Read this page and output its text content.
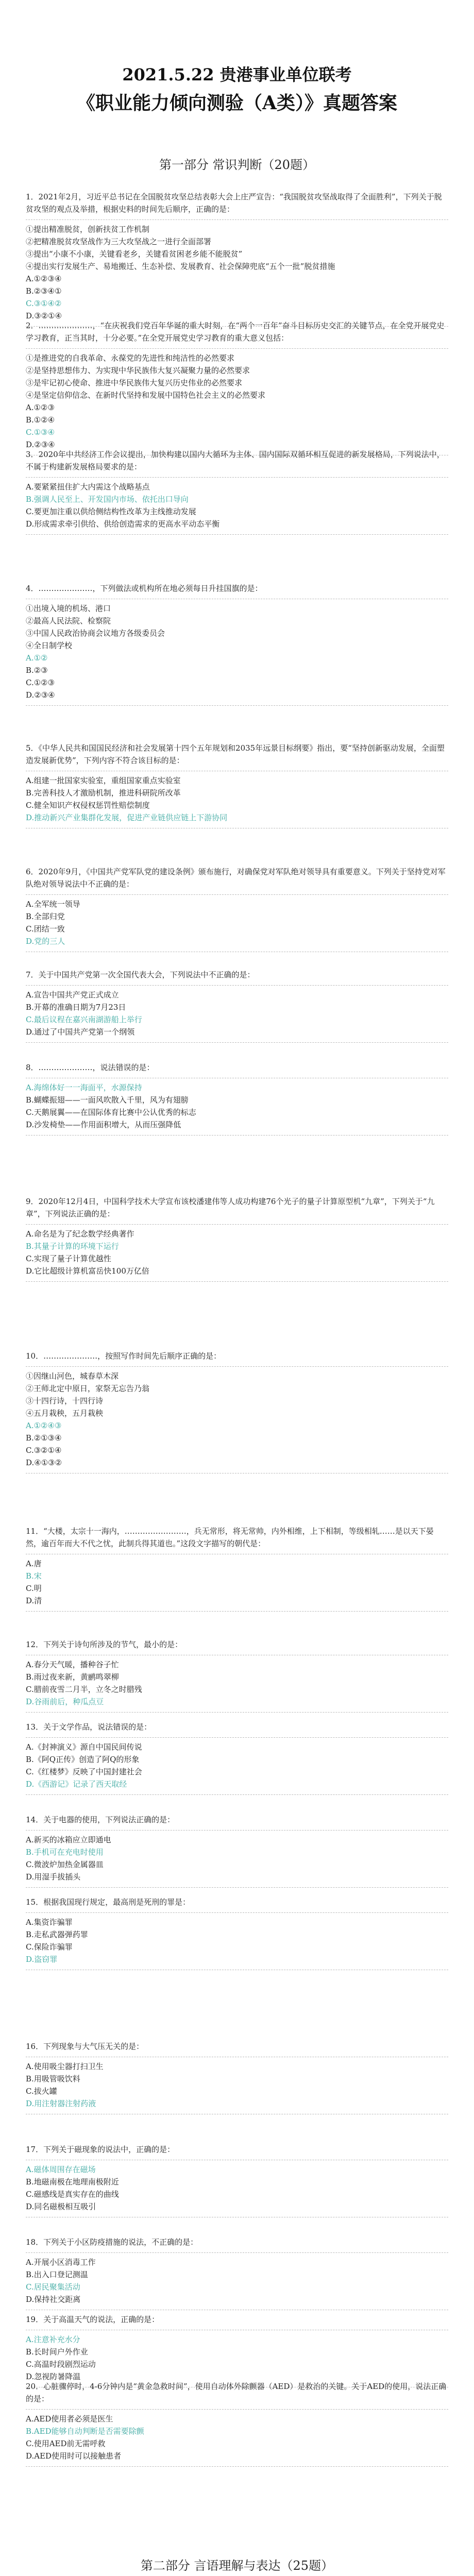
2021.5.22 贵港事业单位联考
《职业能力倾向测验（A类）》真题答案
第一部分 常识判断（20题）

1．2021年2月，习近平总书记在全国脱贫攻坚总结表彰大会上庄严宣告：“我国脱贫攻坚战取得了全面胜利”，下列关于脱贫攻坚的观点及举措，根据史料的时间先后顺序，正确的是：

①提出精准脱贫，创新扶贫工作机制

②把精准脱贫攻坚战作为三大攻坚战之一进行全面部署

③提出“小康不小康，关键看老乡，关键看贫困老乡能不能脱贫”

④提出实行发展生产、易地搬迁、生态补偿、发展教育、社会保障兜底“五个一批”脱贫措施

A.①②③④

B.②③④①

C.③①④②

D.③②①④

2．…………………，“在庆祝我们党百年华诞的重大时刻，在“两个一百年”奋斗目标历史交汇的关键节点，在全党开展党史学习教育，正当其时，十分必要。”在全党开展党史学习教育的重大意义包括：

①是推进党的自我革命、永葆党的先进性和纯洁性的必然要求

②是坚持思想伟力、为实现中华民族伟大复兴凝聚力量的必然要求

③是牢记初心使命、推进中华民族伟大复兴历史伟业的必然要求

④是坚定信仰信念、在新时代坚持和发展中国特色社会主义的必然要求

A.①②③

B.①②④

C.①③④

D.②③④

3．2020年中共经济工作会议提出，加快构建以国内大循环为主体、国内国际双循环相互促进的新发展格局，下列说法中，不属于构建新发展格局要求的是：

A.要紧紧扭住扩大内需这个战略基点

B.强调人民至上、开发国内市场、依托出口导向

C.要更加注重以供给侧结构性改革为主线推动发展

D.形成需求牵引供给、供给创造需求的更高水平动态平衡

4．…………………，下列做法或机构所在地必须每日升挂国旗的是：

①出境入境的机场、港口

②最高人民法院、检察院

③中国人民政治协商会议地方各级委员会

④全日制学校

A.①②

B.②③

C.①②③

D.②③④

5．《中华人民共和国国民经济和社会发展第十四个五年规划和2035年远景目标纲要》指出，要“坚持创新驱动发展，全面塑造发展新优势”，下列内容不符合该目标的是：

A.组建一批国家实验室，重组国家重点实验室

B.完善科技人才激励机制，推进科研院所改革

C.健全知识产权侵权惩罚性赔偿制度

D.推动新兴产业集群化发展，促进产业链供应链上下游协同

6．2020年9月，《中国共产党军队党的建设条例》颁布施行，对确保党对军队绝对领导具有重要意义。下列关于坚持党对军队绝对领导说法中不正确的是：

A.全军统一领导

B.全部归党

C.团结一致

D.党的三人

7．关于中国共产党第一次全国代表大会，下列说法中不正确的是：

A.宣告中国共产党正式成立

B.开幕的准确日期为7月23日

C.最后议程在嘉兴南湖游船上举行

D.通过了中国共产党第一个纲领

8．…………………，说法错误的是：

A.海绵体好一一海面平，水源保持

B.蝴蝶振翅——一面风吹散入千里，风为有翅膀

C.天鹅展翼——在国际体育比赛中公认优秀的标志

D.沙发椅垫——作用面积增大，从而压强降低

9．2020年12月4日，中国科学技术大学宣布该校潘建伟等人成功构建76个光子的量子计算原型机“九章”，下列关于“九章”，下列说法正确的是：

A.命名是为了纪念数学经典著作

B.其量子计算的环境下运行

C.实现了量子计算优越性

D.它比超级计算机富岳快100万亿倍

10．…………………，按照写作时间先后顺序正确的是：

①因继山河色，城春草木深

②王师北定中原日，家祭无忘告乃翁

③十四行诗，十四行诗

④五月栽秧，五月栽秧

A.①②④③

B.②①③④

C.③②①④

D.④①③②

11．“大楼，太宗十一海内，……………………，兵无常形，将无常帅，内外相维，上下相制，等级相轧……是以天下晏然，逾百年而大不代之忧，此制兵得其道也。”这段文字描写的朝代是：

A.唐

B.宋

C.明

D.清

12．下列关于诗句所涉及的节气，最小的是：

A.春分天气暖，播种谷子忙

B.雨过夜来新，黄鹂鸣翠柳

C.腊前夜雪二月半，立冬之时腊残

D.谷雨前后，种瓜点豆

13．关于文学作品，说法错误的是：

A.《封神演义》源自中国民间传说

B.《阿Q正传》创造了阿Q的形象

C.《红楼梦》反映了中国封建社会

D.《西游记》记录了西天取经

14．关于电器的使用，下列说法正确的是：

A.新买的冰箱应立即通电

B.手机可在充电时使用

C.微波炉加热金属器皿

D.用湿手拔插头

15．根据我国现行规定，最高刑是死刑的罪是：

A.集资诈骗罪

B.走私武器弹药罪

C.保险诈骗罪

D.盗窃罪

16．下列现象与大气压无关的是：

A.使用吸尘器打扫卫生

B.用吸管吸饮料

C.拔火罐

D.用注射器注射药液

17．下列关于磁现象的说法中，正确的是：

A.磁体周围存在磁场

B.地磁南极在地理南极附近

C.磁感线是真实存在的曲线

D.同名磁极相互吸引

18．下列关于小区防疫措施的说法，不正确的是：

A.开展小区消毒工作

B.出入口登记测温

C.居民聚集活动

D.保持社交距离

19．关于高温天气的说法，正确的是：

A.注意补充水分

B.长时间户外作业

C.高温时段剧烈运动

D.忽视防暑降温

20．心脏骤停时，4-6分钟内是“黄金急救时间”，使用自动体外除颤器（AED）是救治的关键。关于AED的使用，说法正确的是：

A.AED使用者必须是医生

B.AED能够自动判断是否需要除颤

C.使用AED前无需呼救

D.AED使用时可以接触患者

第二部分 言语理解与表达（25题）
